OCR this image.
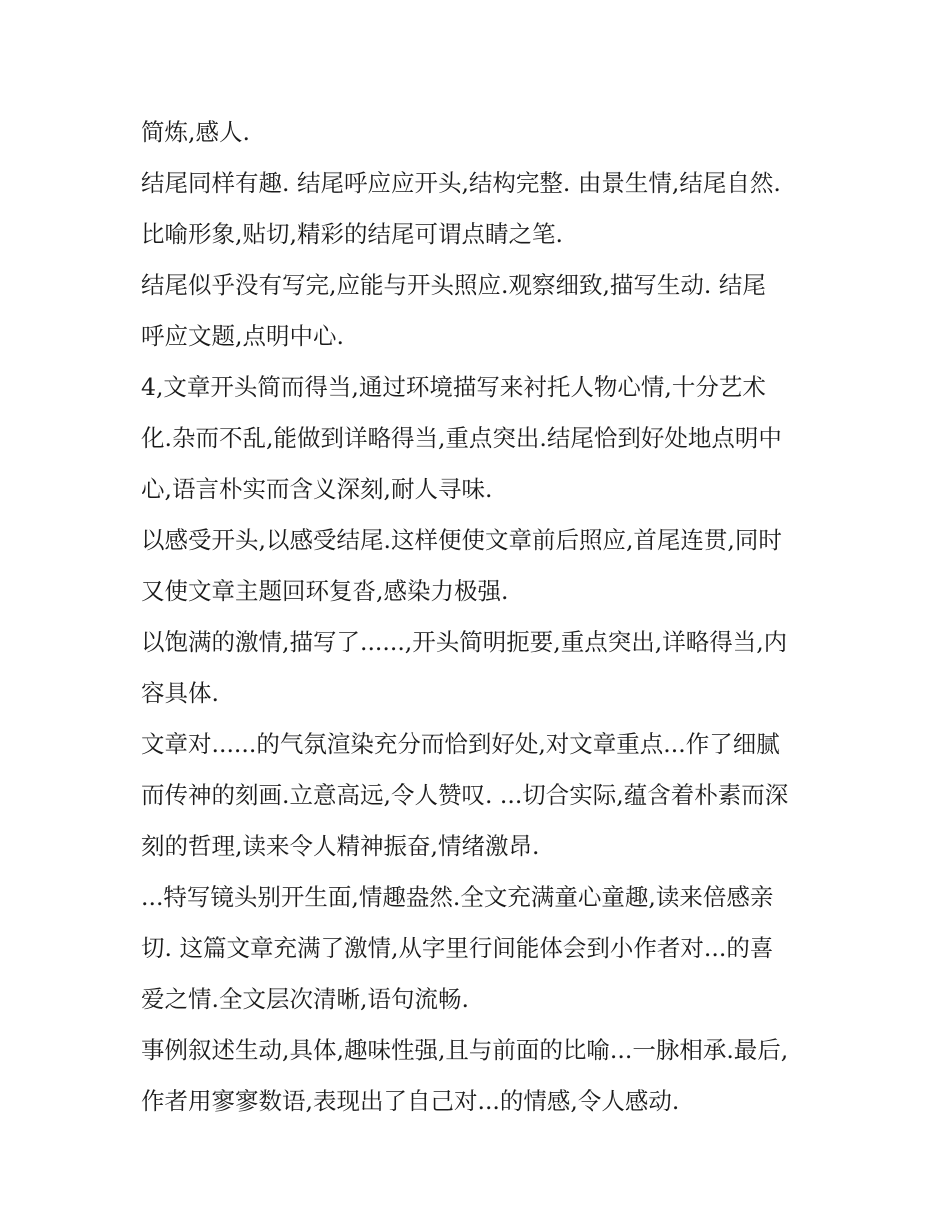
简炼,感人.
结尾同样有趣. 结尾呼应应开头,结构完整. 由景生情,结尾自然.
比喻形象,贴切,精彩的结尾可谓点睛之笔.
结尾似乎没有写完,应能与开头照应.观察细致,描写生动. 结尾
呼应文题,点明中心.
4,文章开头简而得当,通过环境描写来衬托人物心情,十分艺术
化.杂而不乱,能做到详略得当,重点突出.结尾恰到好处地点明中
心,语言朴实而含义深刻,耐人寻味.
以感受开头,以感受结尾.这样便使文章前后照应,首尾连贯,同时
又使文章主题回环复沓,感染力极强.
以饱满的激情,描写了......,开头简明扼要,重点突出,详略得当,内
容具体.
文章对......的气氛渲染充分而恰到好处,对文章重点...作了细腻
而传神的刻画.立意高远,令人赞叹. ...切合实际,蕴含着朴素而深
刻的哲理,读来令人精神振奋,情绪激昂.
...特写镜头别开生面,情趣盎然.全文充满童心童趣,读来倍感亲
切. 这篇文章充满了激情,从字里行间能体会到小作者对...的喜
爱之情.全文层次清晰,语句流畅.
事例叙述生动,具体,趣味性强,且与前面的比喻...一脉相承.最后,
作者用寥寥数语,表现出了自己对...的情感,令人感动.
